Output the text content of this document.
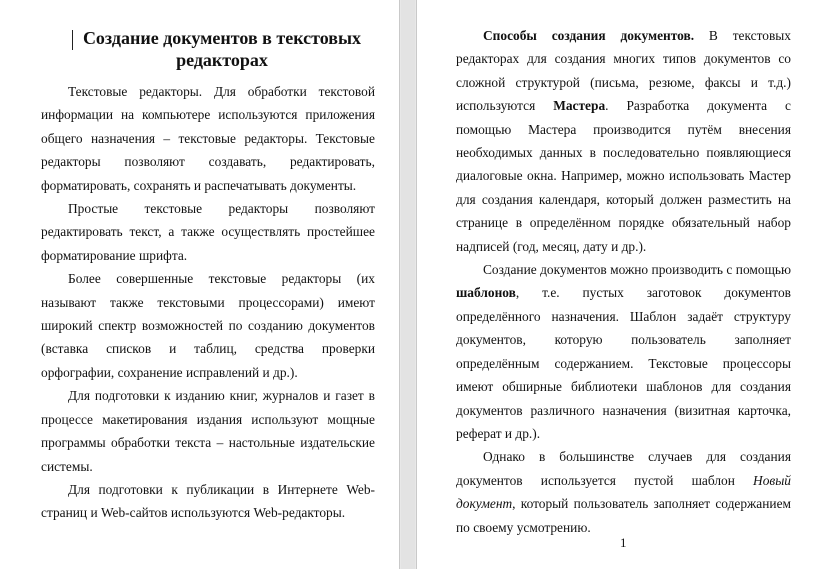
Создание документов в текстовых редакторах

Текстовые редакторы. Для обработки текстовой информации на компьютере используются приложения общего назначения – текстовые редакторы. Текстовые редакторы позволяют создавать, редактировать, форматировать, сохранять и распечатывать документы.

Простые текстовые редакторы позволяют редактировать текст, а также осуществлять простейшее форматирование шрифта.

Более совершенные текстовые редакторы (их называют также текстовыми процессорами) имеют широкий спектр возможностей по созданию документов (вставка списков и таблиц, средства проверки орфографии, сохранение исправлений и др.).

Для подготовки к изданию книг, журналов и газет в процессе макетирования издания используют мощные программы обработки текста – настольные издательские системы.

Для подготовки к публикации в Интернете Web-страниц и Web-сайтов используются Web-редакторы.

Способы создания документов. В текстовых редакторах для создания многих типов документов со сложной структурой (письма, резюме, факсы и т.д.) используются Мастера. Разработка документа с помощью Мастера производится путём внесения необходимых данных в последовательно появляющиеся диалоговые окна. Например, можно использовать Мастер для создания календаря, который должен разместить на странице в определённом порядке обязательный набор надписей (год, месяц, дату и др.).

Создание документов можно производить с помощью шаблонов, т.е. пустых заготовок документов определённого назначения. Шаблон задаёт структуру документов, которую пользователь заполняет определённым содержанием. Текстовые процессоры имеют обширные библиотеки шаблонов для создания документов различного назначения (визитная карточка, реферат и др.).

Однако в большинстве случаев для создания документов используется пустой шаблон Новый документ, который пользователь заполняет содержанием по своему усмотрению.

1
